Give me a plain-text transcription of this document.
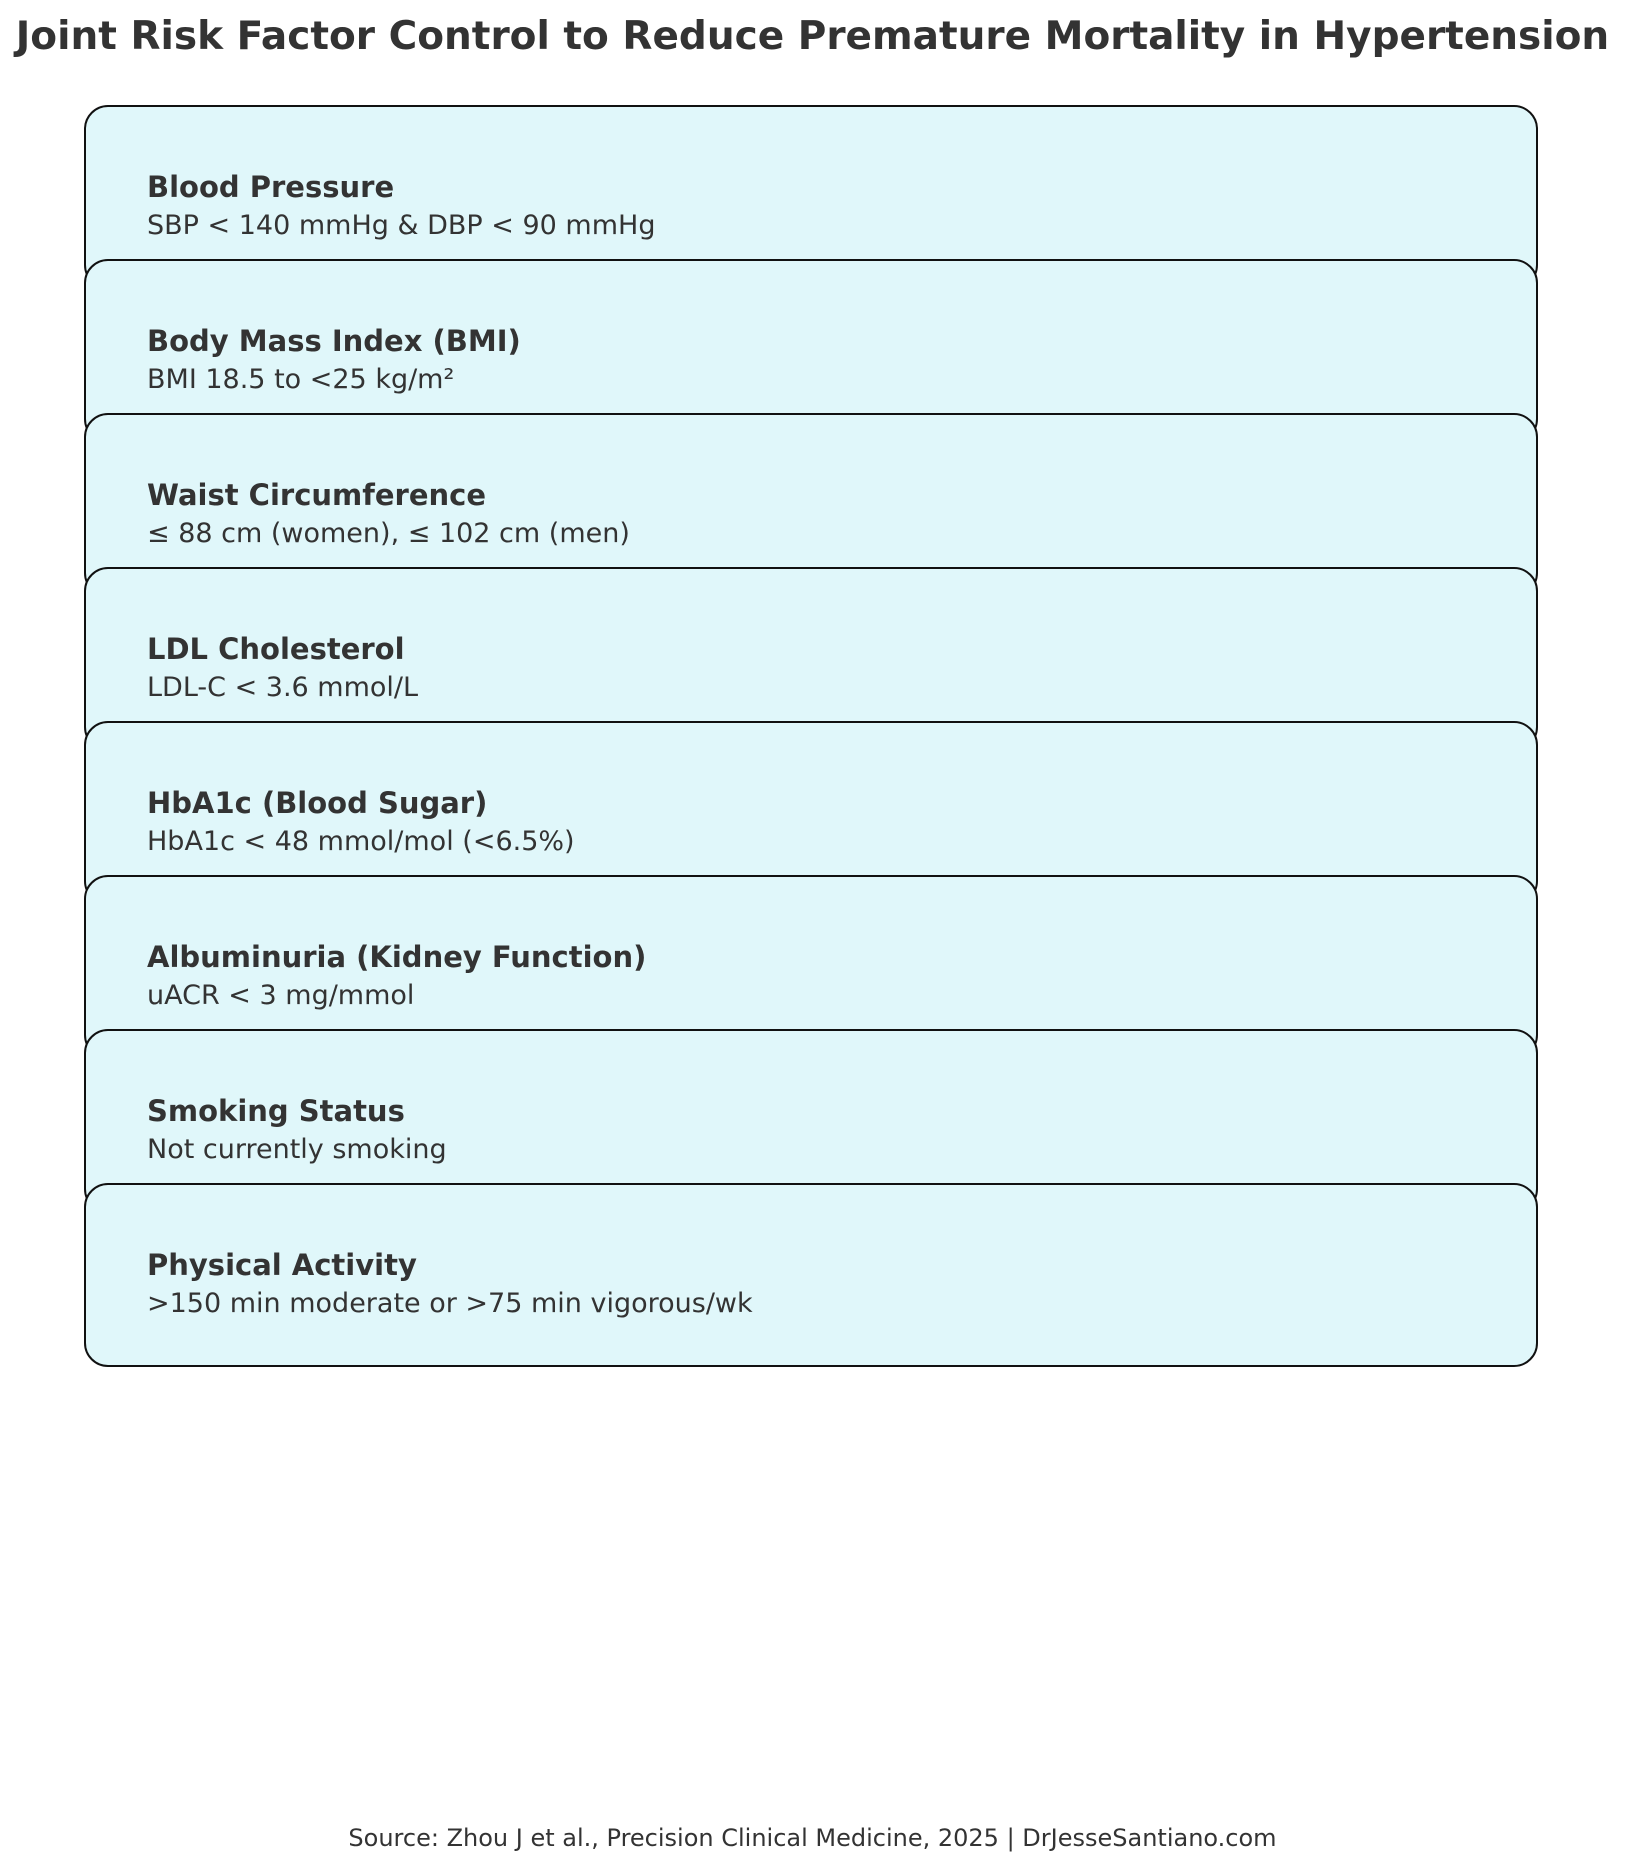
Joint Risk Factor Control to Reduce Premature Mortality in Hypertension
Blood Pressure
SBP < 140 mmHg & DBP < 90 mmHg
Body Mass Index (BMI)
BMI 18.5 to <25 kg/m²
Waist Circumference
≤ 88 cm (women), ≤ 102 cm (men)
LDL Cholesterol
LDL-C < 3.6 mmol/L
HbA1c (Blood Sugar)
HbA1c < 48 mmol/mol (<6.5%)
Albuminuria (Kidney Function)
uACR < 3 mg/mmol
Smoking Status
Not currently smoking
Physical Activity
>150 min moderate or >75 min vigorous/wk
Source: Zhou J et al., Precision Clinical Medicine, 2025 | DrJesseSantiano.com
